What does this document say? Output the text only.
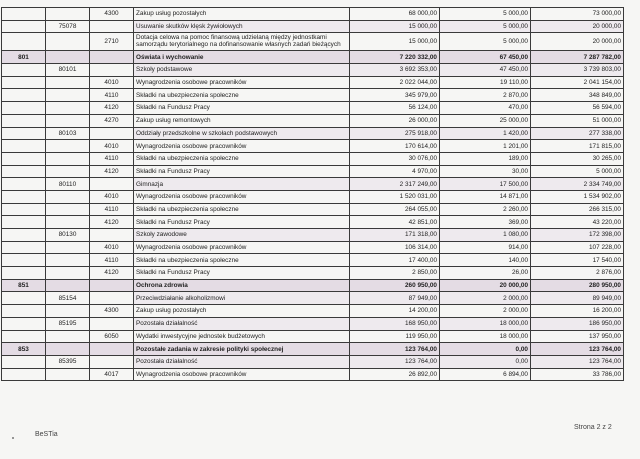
		4300	Zakup usług pozostałych	68 000,00	5 000,00	73 000,00
	75078		Usuwanie skutków klęsk żywiołowych	15 000,00	5 000,00	20 000,00
		2710	Dotacja celowa na pomoc finansową udzielaną między jednostkami samorządu terytorialnego na dofinansowanie własnych zadań bieżących	15 000,00	5 000,00	20 000,00
801			Oświata i wychowanie	7 220 332,00	67 450,00	7 287 782,00
	80101		Szkoły podstawowe	3 692 353,00	47 450,00	3 739 803,00
		4010	Wynagrodzenia osobowe pracowników	2 022 044,00	19 110,00	2 041 154,00
		4110	Składki na ubezpieczenia społeczne	345 979,00	2 870,00	348 849,00
		4120	Składki na Fundusz Pracy	56 124,00	470,00	56 594,00
		4270	Zakup usług remontowych	26 000,00	25 000,00	51 000,00
	80103		Oddziały przedszkolne w szkołach podstawowych	275 918,00	1 420,00	277 338,00
		4010	Wynagrodzenia osobowe pracowników	170 614,00	1 201,00	171 815,00
		4110	Składki na ubezpieczenia społeczne	30 076,00	189,00	30 265,00
		4120	Składki na Fundusz Pracy	4 970,00	30,00	5 000,00
	80110		Gimnazja	2 317 249,00	17 500,00	2 334 749,00
		4010	Wynagrodzenia osobowe pracowników	1 520 031,00	14 871,00	1 534 902,00
		4110	Składki na ubezpieczenia społeczne	264 055,00	2 260,00	266 315,00
		4120	Składki na Fundusz Pracy	42 851,00	369,00	43 220,00
	80130		Szkoły zawodowe	171 318,00	1 080,00	172 398,00
		4010	Wynagrodzenia osobowe pracowników	106 314,00	914,00	107 228,00
		4110	Składki na ubezpieczenia społeczne	17 400,00	140,00	17 540,00
		4120	Składki na Fundusz Pracy	2 850,00	26,00	2 876,00
851			Ochrona zdrowia	260 950,00	20 000,00	280 950,00
	85154		Przeciwdziałanie alkoholizmowi	87 949,00	2 000,00	89 949,00
		4300	Zakup usług pozostałych	14 200,00	2 000,00	16 200,00
	85195		Pozostała działalność	168 950,00	18 000,00	186 950,00
		6050	Wydatki inwestycyjne jednostek budżetowych	119 950,00	18 000,00	137 950,00
853			Pozostałe zadania w zakresie polityki społecznej	123 764,00	0,00	123 764,00
	85395		Pozostała działalność	123 764,00	0,00	123 764,00
		4017	Wynagrodzenia osobowe pracowników	26 892,00	6 894,00	33 786,00
BeSTia
Strona 2 z 2
